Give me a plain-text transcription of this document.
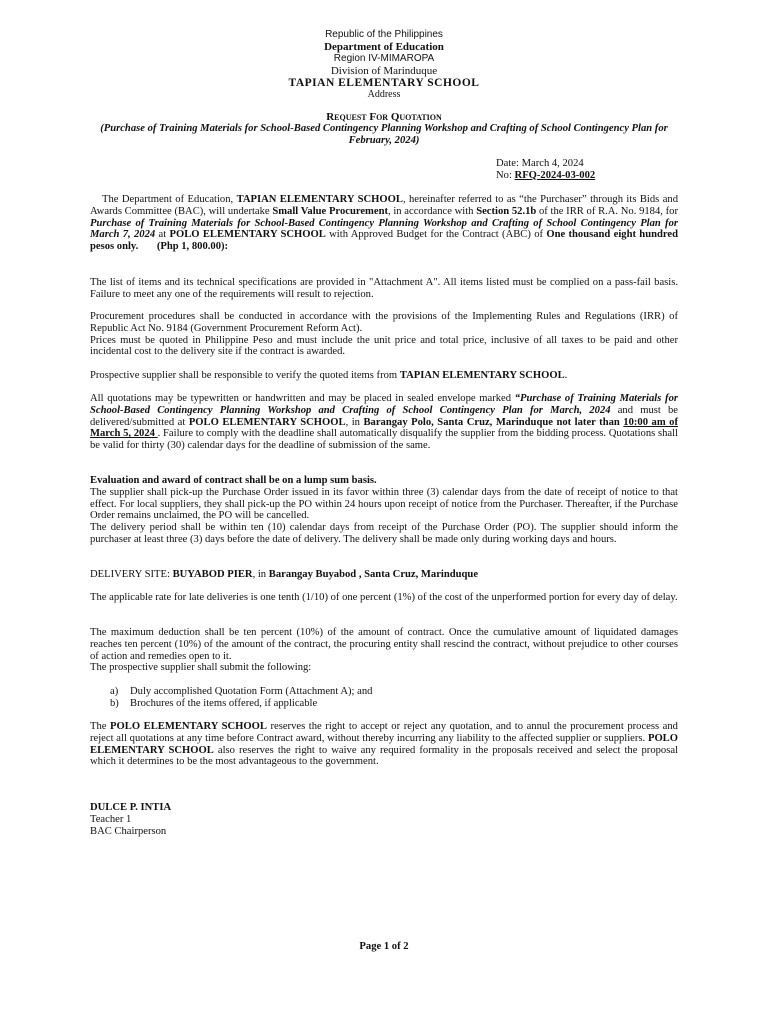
Republic of the Philippines
Department of Education
Region IV-MIMAROPA
Division of Marinduque
TAPIAN ELEMENTARY SCHOOL
Address
Request For Quotation
(Purchase of Training Materials for School-Based Contingency Planning Workshop and Crafting of School Contingency Plan for February, 2024)
Date: March 4, 2024
No: RFQ-2024-03-002
The Department of Education, TAPIAN ELEMENTARY SCHOOL, hereinafter referred to as “the Purchaser” through its Bids and Awards Committee (BAC), will undertake Small Value Procurement, in accordance with Section 52.1b of the IRR of R.A. No. 9184, for Purchase of Training Materials for School-Based Contingency Planning Workshop and Crafting of School Contingency Plan for March 7, 2024 at POLO ELEMENTARY SCHOOL with Approved Budget for the Contract (ABC) of One thousand eight hundred pesos only. (Php 1, 800.00):
The list of items and its technical specifications are provided in "Attachment A". All items listed must be complied on a pass-fail basis. Failure to meet any one of the requirements will result to rejection.

Procurement procedures shall be conducted in accordance with the provisions of the Implementing Rules and Regulations (IRR) of Republic Act No. 9184 (Government Procurement Reform Act).

Prices must be quoted in Philippine Peso and must include the unit price and total price, inclusive of all taxes to be paid and other incidental cost to the delivery site if the contract is awarded.

Prospective supplier shall be responsible to verify the quoted items from TAPIAN ELEMENTARY SCHOOL.
All quotations may be typewritten or handwritten and may be placed in sealed envelope marked “Purchase of Training Materials for School-Based Contingency Planning Workshop and Crafting of School Contingency Plan for March, 2024 and must be delivered/submitted at POLO ELEMENTARY SCHOOL, in Barangay Polo, Santa Cruz, Marinduque not later than 10:00 am of March 5, 2024 . Failure to comply with the deadline shall automatically disqualify the supplier from the bidding process. Quotations shall be valid for thirty (30) calendar days for the deadline of submission of the same.

Evaluation and award of contract shall be on a lump sum basis.

The supplier shall pick-up the Purchase Order issued in its favor within three (3) calendar days from the date of receipt of notice to that effect. For local suppliers, they shall pick-up the PO within 24 hours upon receipt of notice from the Purchaser. Thereafter, if the Purchase Order remains unclaimed, the PO will be cancelled.

The delivery period shall be within ten (10) calendar days from receipt of the Purchase Order (PO). The supplier should inform the purchaser at least three (3) days before the date of delivery. The delivery shall be made only during working days and hours.

DELIVERY SITE: BUYABOD PIER, in Barangay Buyabod , Santa Cruz, Marinduque
The applicable rate for late deliveries is one tenth (1/10) of one percent (1%) of the cost of the unperformed portion for every day of delay.

The maximum deduction shall be ten percent (10%) of the amount of contract. Once the cumulative amount of liquidated damages reaches ten percent (10%) of the amount of the contract, the procuring entity shall rescind the contract, without prejudice to other courses of action and remedies open to it.

The prospective supplier shall submit the following:

a) Duly accomplished Quotation Form (Attachment A); and
b) Brochures of the items offered, if applicable
The POLO ELEMENTARY SCHOOL reserves the right to accept or reject any quotation, and to annul the procurement process and reject all quotations at any time before Contract award, without thereby incurring any liability to the affected supplier or suppliers. POLO ELEMENTARY SCHOOL also reserves the right to waive any required formality in the proposals received and select the proposal which it determines to be the most advantageous to the government.
DULCE P. INTIA
Teacher 1
BAC Chairperson
Page 1 of 2
